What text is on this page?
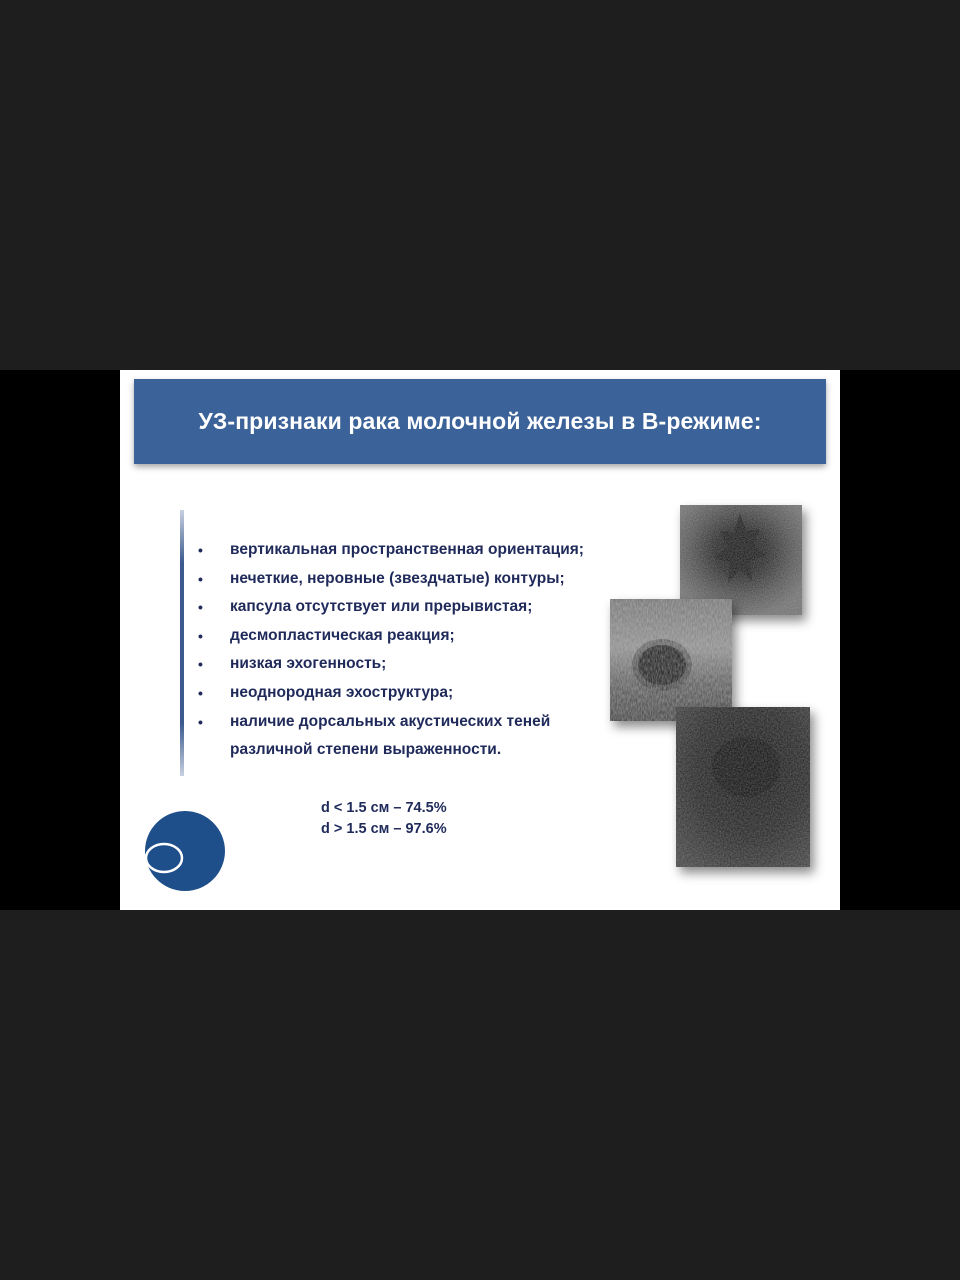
УЗ-признаки рака молочной железы в В-режиме:
• вертикальная пространственная ориентация;
• нечеткие, неровные (звездчатые) контуры;
• капсула отсутствует или прерывистая;
• десмопластическая реакция;
• низкая эхогенность;
• неоднородная эхоструктура;
• наличие дорсальных акустических теней
различной степени выраженности.
d < 1.5 см – 74.5%
d > 1.5 см – 97.6%
